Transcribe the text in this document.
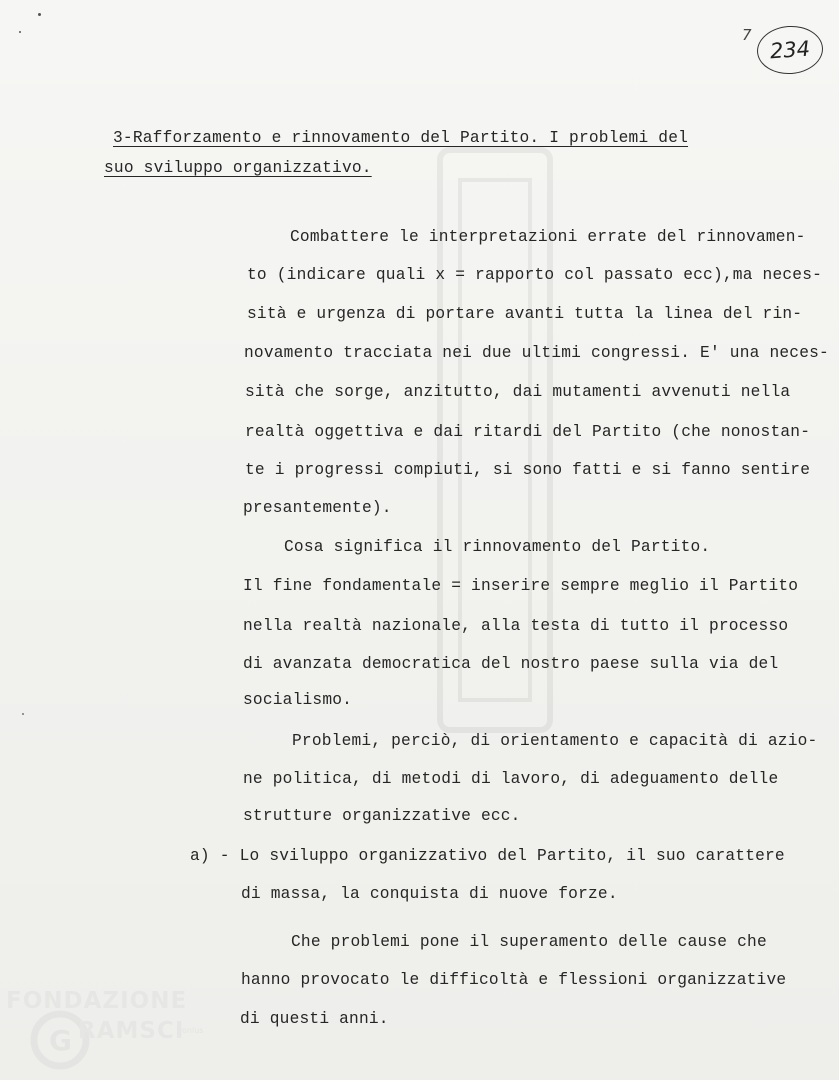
7
234
3-Rafforzamento e rinnovamento del Partito. I problemi del
suo sviluppo organizzativo.
Combattere le interpretazioni errate del rinnovamen-
to (indicare quali x = rapporto col passato ecc),ma neces-
sità e urgenza di portare avanti tutta la linea del rin-
novamento tracciata nei due ultimi congressi. E' una neces-
sità che sorge, anzitutto, dai mutamenti avvenuti nella
realtà oggettiva e dai ritardi del Partito (che nonostan-
te i progressi compiuti, si sono fatti e si fanno sentire
presantemente).
Cosa significa il rinnovamento del Partito.
Il fine fondamentale = inserire sempre meglio il Partito
nella realtà nazionale, alla testa di tutto il processo
di avanzata democratica del nostro paese sulla via del
socialismo.
Problemi, perciò, di orientamento e capacità di azio-
ne politica, di metodi di lavoro, di adeguamento delle
strutture organizzative ecc.
a) - Lo sviluppo organizzativo del Partito, il suo carattere
di massa, la conquista di nuove forze.
Che problemi pone il superamento delle cause che
hanno provocato le difficoltà e flessioni organizzative
di questi anni.
FONDAZIONE
G RAMSCI
onlus
